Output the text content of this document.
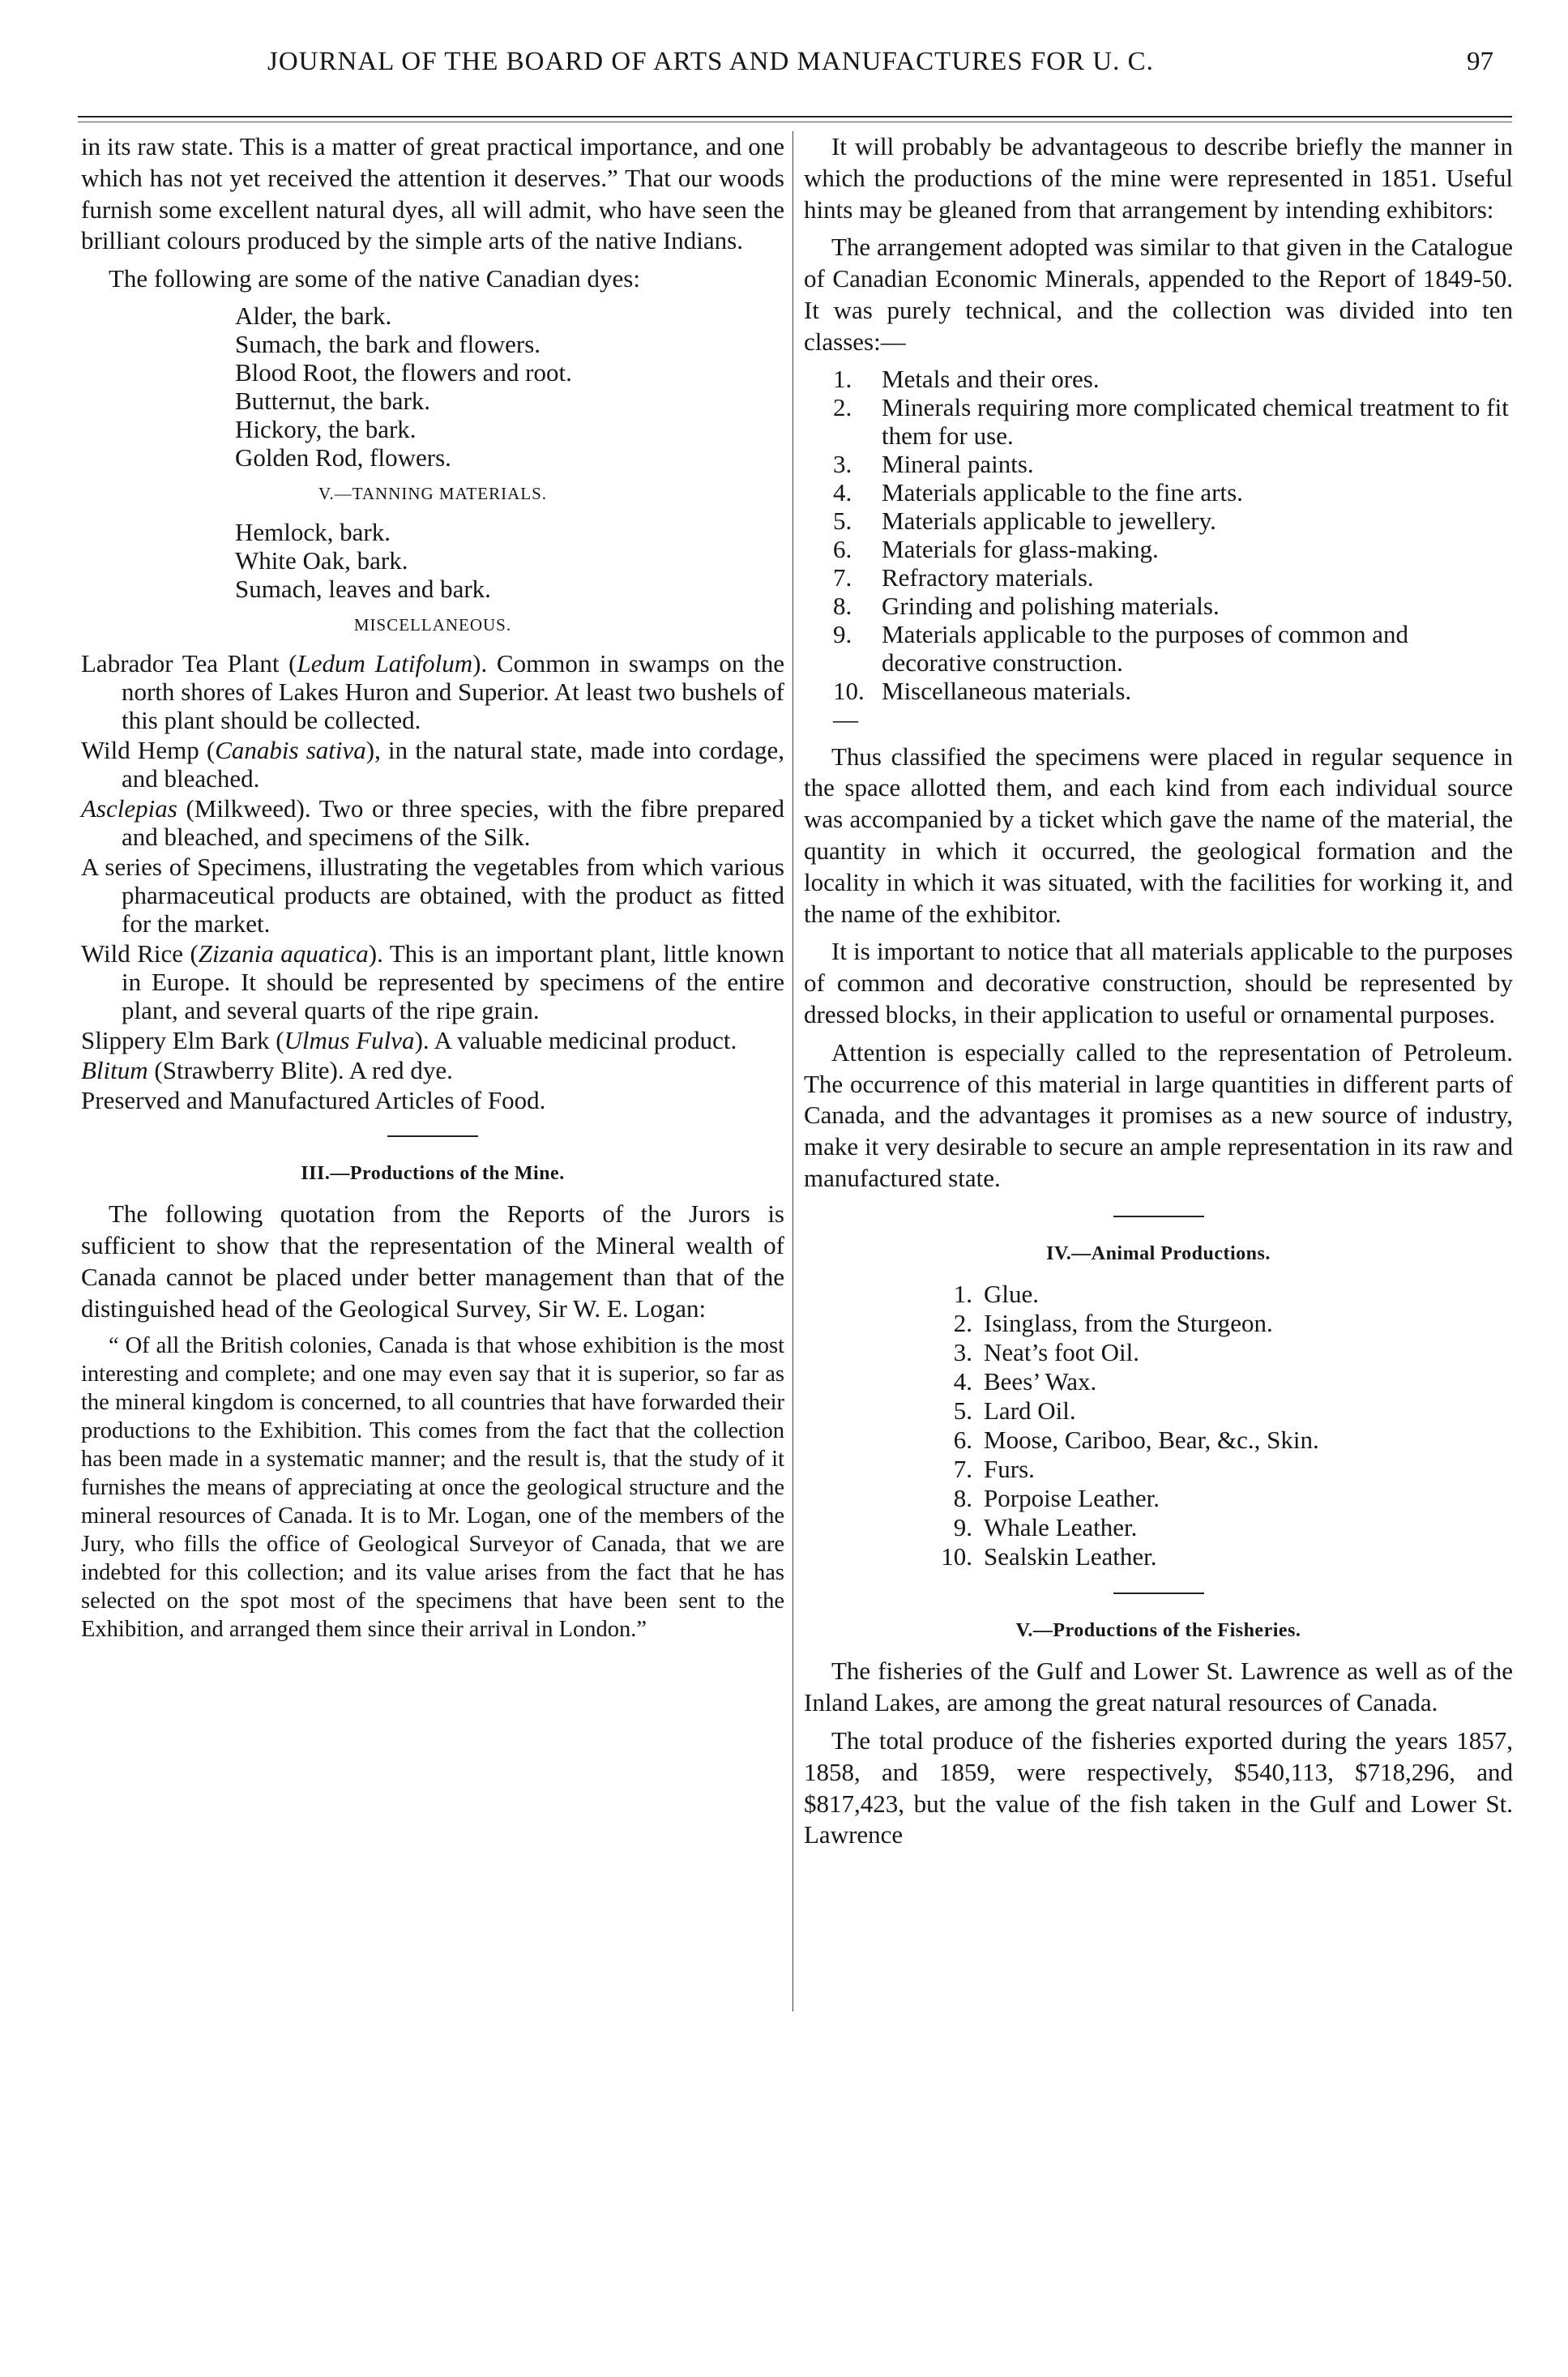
JOURNAL OF THE BOARD OF ARTS AND MANUFACTURES FOR U. C.	97

in its raw state. This is a matter of great practical importance, and one which has not yet received the attention it deserves.” That our woods furnish some excellent natural dyes, all will admit, who have seen the brilliant colours produced by the simple arts of the native Indians.

The following are some of the native Canadian dyes:

Alder, the bark.
Sumach, the bark and flowers.
Blood Root, the flowers and root.
Butternut, the bark.
Hickory, the bark.
Golden Rod, flowers.
V.—TANNING MATERIALS.
Hemlock, bark.
White Oak, bark.
Sumach, leaves and bark.
MISCELLANEOUS.

Labrador Tea Plant (Ledum Latifolum). Common in swamps on the north shores of Lakes Huron and Superior. At least two bushels of this plant should be collected.

Wild Hemp (Canabis sativa), in the natural state, made into cordage, and bleached.

Asclepias (Milkweed). Two or three species, with the fibre prepared and bleached, and specimens of the Silk.

A series of Specimens, illustrating the vegetables from which various pharmaceutical products are obtained, with the product as fitted for the market.

Wild Rice (Zizania aquatica). This is an important plant, little known in Europe. It should be represented by specimens of the entire plant, and several quarts of the ripe grain.

Slippery Elm Bark (Ulmus Fulva). A valuable medicinal product.

Blitum (Strawberry Blite). A red dye.

Preserved and Manufactured Articles of Food.

III.—Productions of the Mine.

The following quotation from the Reports of the Jurors is sufficient to show that the representation of the Mineral wealth of Canada cannot be placed under better management than that of the distinguished head of the Geological Survey, Sir W. E. Logan:

“ Of all the British colonies, Canada is that whose exhibition is the most interesting and complete; and one may even say that it is superior, so far as the mineral kingdom is concerned, to all countries that have forwarded their productions to the Exhibition. This comes from the fact that the collection has been made in a systematic manner; and the result is, that the study of it furnishes the means of appreciating at once the geological structure and the mineral resources of Canada. It is to Mr. Logan, one of the members of the Jury, who fills the office of Geological Surveyor of Canada, that we are indebted for this collection; and its value arises from the fact that he has selected on the spot most of the specimens that have been sent to the Exhibition, and arranged them since their arrival in London.”

It will probably be advantageous to describe briefly the manner in which the productions of the mine were represented in 1851. Useful hints may be gleaned from that arrangement by intending exhibitors:

The arrangement adopted was similar to that given in the Catalogue of Canadian Economic Minerals, appended to the Report of 1849-50. It was purely technical, and the collection was divided into ten classes:—

1.	Metals and their ores.
2.	Minerals requiring more complicated chemical treatment to fit them for use.
3.	Mineral paints.
4.	Materials applicable to the fine arts.
5.	Materials applicable to jewellery.
6.	Materials for glass-making.
7.	Refractory materials.
8.	Grinding and polishing materials.
9.	Materials applicable to the purposes of common and decorative construction.
10.—
Miscellaneous materials.

Thus classified the specimens were placed in regular sequence in the space allotted them, and each kind from each individual source was accompanied by a ticket which gave the name of the material, the quantity in which it occurred, the geological formation and the locality in which it was situated, with the facilities for working it, and the name of the exhibitor.

It is important to notice that all materials applicable to the purposes of common and decorative construction, should be represented by dressed blocks, in their application to useful or ornamental purposes.

Attention is especially called to the representation of Petroleum. The occurrence of this material in large quantities in different parts of Canada, and the advantages it promises as a new source of industry, make it very desirable to secure an ample representation in its raw and manufactured state.

IV.—Animal Productions.
1. Glue.
2. Isinglass, from the Sturgeon.
3. Neat’s foot Oil.
4. Bees’ Wax.
5. Lard Oil.
6. Moose, Cariboo, Bear, &c., Skin.
7. Furs.
8. Porpoise Leather.
9. Whale Leather.
10. Sealskin Leather.
V.—Productions of the Fisheries.

The fisheries of the Gulf and Lower St. Lawrence as well as of the Inland Lakes, are among the great natural resources of Canada.

The total produce of the fisheries exported during the years 1857, 1858, and 1859, were respectively, $540,113, $718,296, and $817,423, but the value of the fish taken in the Gulf and Lower St. Lawrence
